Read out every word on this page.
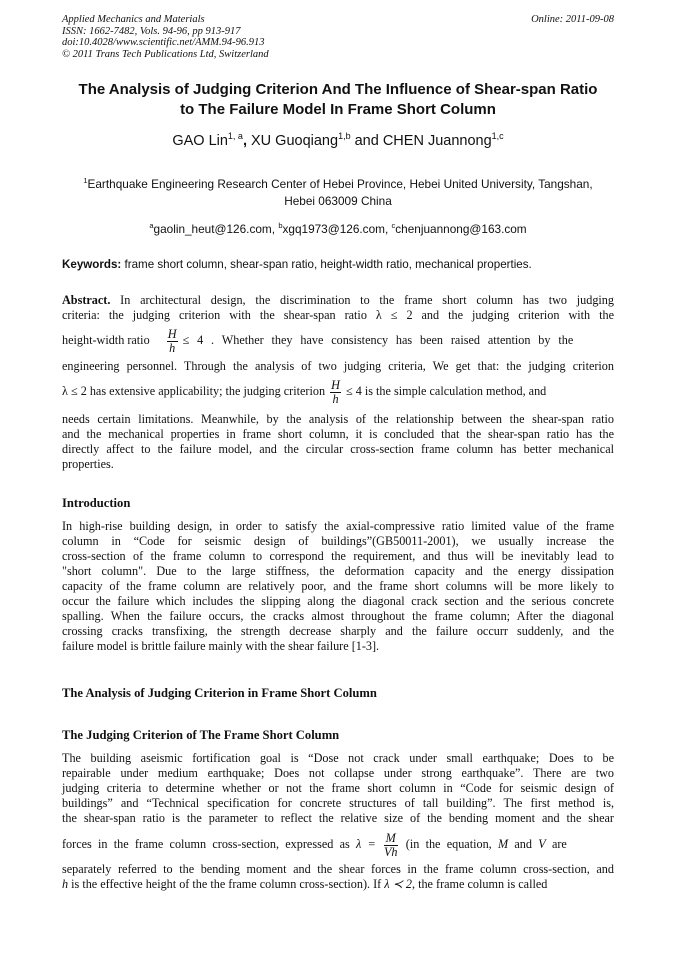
Applied Mechanics and Materials
ISSN: 1662-7482, Vols. 94-96, pp 913-917
doi:10.4028/www.scientific.net/AMM.94-96.913
© 2011 Trans Tech Publications Ltd, Switzerland
Online: 2011-09-08
The Analysis of Judging Criterion And The Influence of Shear-span Ratio
to The Failure Model In Frame Short Column
GAO Lin$^{1, a}$, XU Guoqiang$^{1,b}$ and CHEN Juannong$^{1,c}$
$^1$Earthquake Engineering Research Center of Hebei Province, Hebei United University, Tangshan,
Hebei 063009 China
$^a$gaolin_heut@126.com, $^b$xgq1973@126.com, $^c$chenjuannong@163.com
Keywords: frame short column, shear-span ratio, height-width ratio, mechanical properties.
Abstract. In architectural design, the discrimination to the frame short column has two judging
criteria: the judging criterion with the shear-span ratio λ ≤ 2 and the judging criterion with the
height-width ratio $\frac{H}{h} \le 4$ . Whether they have consistency has been raised attention by the
engineering personnel. Through the analysis of two judging criteria, We get that: the judging criterion
λ ≤ 2 has extensive applicability; the judging criterion $\frac{H}{h} \le 4$ is the simple calculation method, and
needs certain limitations. Meanwhile, by the analysis of the relationship between the shear-span ratio
and the mechanical properties in frame short column, it is concluded that the shear-span ratio has the
directly affect to the failure model, and the circular cross-section frame column has better mechanical
properties.
Introduction
In high-rise building design, in order to satisfy the axial-compressive ratio limited value of the frame
column in “Code for seismic design of buildings”(GB50011-2001), we usually increase the
cross-section of the frame column to correspond the requirement, and thus will be inevitably lead to
"short column". Due to the large stiffness, the deformation capacity and the energy dissipation
capacity of the frame column are relatively poor, and the frame short columns will be more likely to
occur the failure which includes the slipping along the diagonal crack section and the serious concrete
spalling. When the failure occurs, the cracks almost throughout the frame column; After the diagonal
crossing cracks transfixing, the strength decrease sharply and the failure occurr suddenly, and the
failure model is brittle failure mainly with the shear failure [1-3].
The Analysis of Judging Criterion in Frame Short Column
The Judging Criterion of The Frame Short Column
The building aseismic fortification goal is “Dose not crack under small earthquake; Does to be
repairable under medium earthquake; Does not collapse under strong earthquake”. There are two
judging criteria to determine whether or not the frame short column in “Code for seismic design of
buildings” and “Technical specification for concrete structures of tall building”. The first method is,
the shear-span ratio is the parameter to reflect the relative size of the bending moment and the shear
forces in the frame column cross-section, expressed as $\lambda = \frac{M}{Vh} (in$ the equation, M and V are
separately referred to the bending moment and the shear forces in the frame column cross-section, and
h is the effective height of the the frame column cross-section). If λ ≺ 2, the frame column is called
